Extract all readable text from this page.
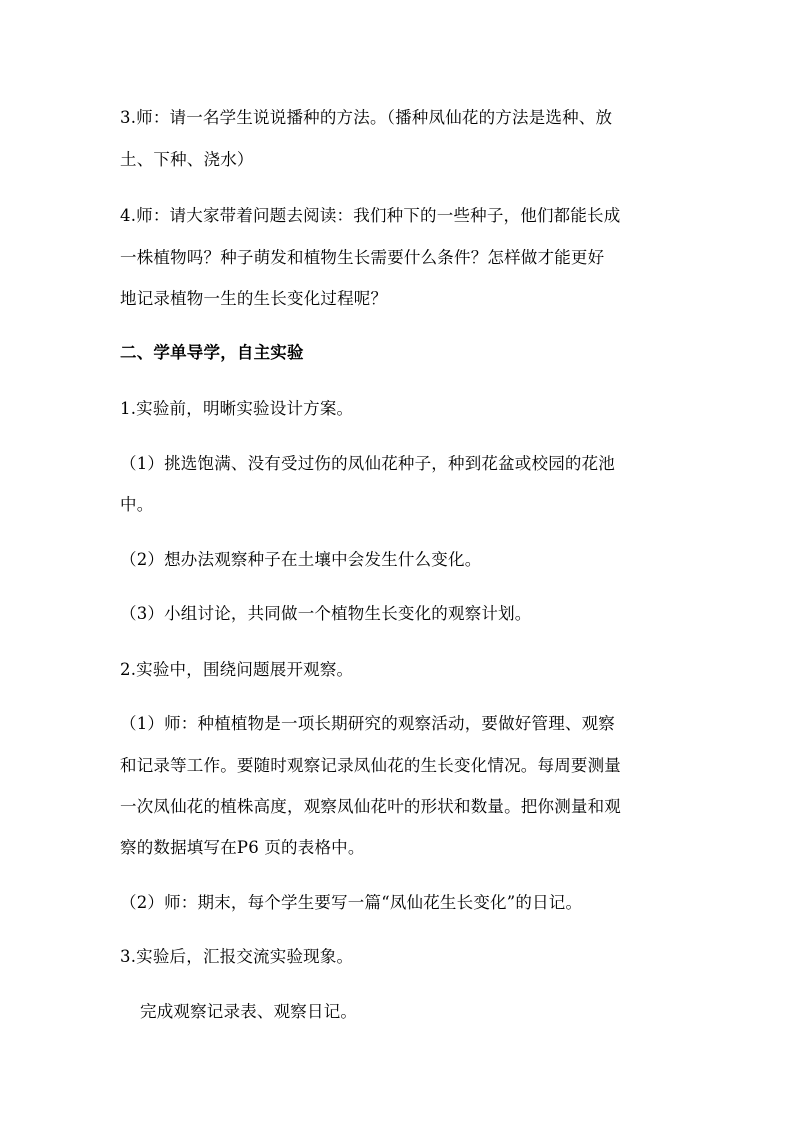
3.师：请一名学生说说播种的方法。（播种凤仙花的方法是选种、放
土、下种、浇水）
4.师：请大家带着问题去阅读：我们种下的一些种子，他们都能长成
一株植物吗？种子萌发和植物生长需要什么条件？怎样做才能更好
地记录植物一生的生长变化过程呢？
二、学单导学，自主实验
1.实验前，明晰实验设计方案。
（1）挑选饱满、没有受过伤的凤仙花种子，种到花盆或校园的花池
中。
（2）想办法观察种子在土壤中会发生什么变化。
（3）小组讨论，共同做一个植物生长变化的观察计划。
2.实验中，围绕问题展开观察。
（1）师：种植植物是一项长期研究的观察活动，要做好管理、观察
和记录等工作。要随时观察记录凤仙花的生长变化情况。每周要测量
一次凤仙花的植株高度，观察凤仙花叶的形状和数量。把你测量和观
察的数据填写在P6 页的表格中。
（2）师：期末，每个学生要写一篇“凤仙花生长变化”的日记。
3.实验后，汇报交流实验现象。
完成观察记录表、观察日记。
